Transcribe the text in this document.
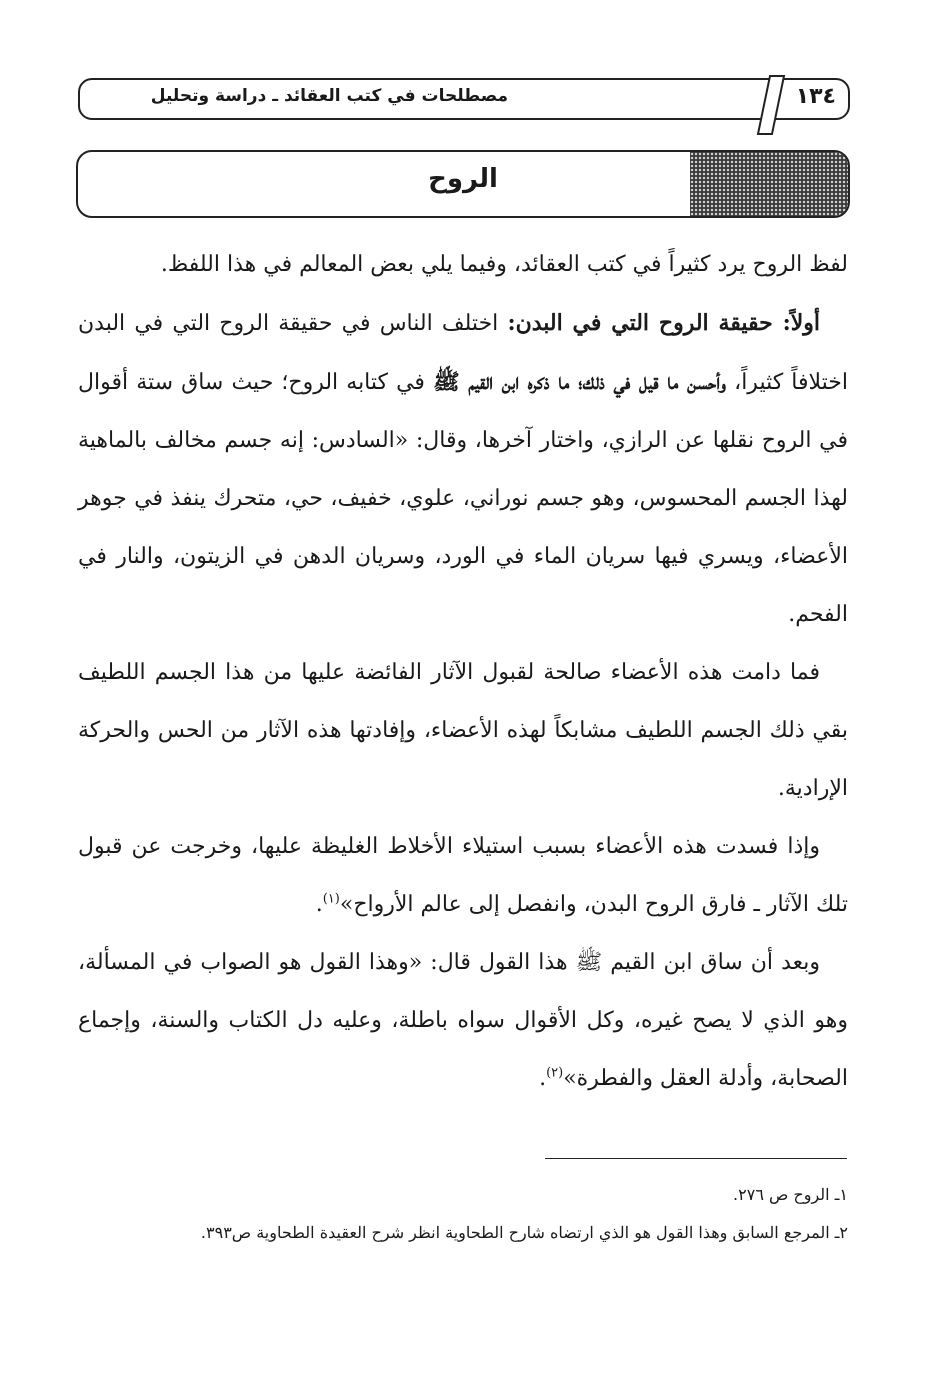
مصطلحات في كتب العقائد ـ دراسة وتحليل	١٣٤
الروح

لفظ الروح يرد كثيراً في كتب العقائد، وفيما يلي بعض المعالم في هذا اللفظ.

أولاً: حقيقة الروح التي في البدن: اختلف الناس في حقيقة الروح التي في البدن اختلافاً كثيراً، وأحسن ما قيل في ذلك؛ ما ذكره ابن القيم ﷺ في كتابه الروح؛ حيث ساق ستة أقوال في الروح نقلها عن الرازي، واختار آخرها، وقال: «السادس: إنه جسم مخالف بالماهية لهذا الجسم المحسوس، وهو جسم نوراني، علوي، خفيف، حي، متحرك ينفذ في جوهر الأعضاء، ويسري فيها سريان الماء في الورد، وسريان الدهن في الزيتون، والنار في الفحم.

فما دامت هذه الأعضاء صالحة لقبول الآثار الفائضة عليها من هذا الجسم اللطيف بقي ذلك الجسم اللطيف مشابكاً لهذه الأعضاء، وإفادتها هذه الآثار من الحس والحركة الإرادية.

وإذا فسدت هذه الأعضاء بسبب استيلاء الأخلاط الغليظة عليها، وخرجت عن قبول تلك الآثار ـ فارق الروح البدن، وانفصل إلى عالم الأرواح»$^{(١)}$.

وبعد أن ساق ابن القيم ﷺ هذا القول قال: «وهذا القول هو الصواب في المسألة، وهو الذي لا يصح غيره، وكل الأقوال سواه باطلة، وعليه دل الكتاب والسنة، وإجماع الصحابة، وأدلة العقل والفطرة»$^{(٢)}$.

١ـ الروح ص ٢٧٦.

٢ـ المرجع السابق وهذا القول هو الذي ارتضاه شارح الطحاوية انظر شرح العقيدة الطحاوية ص٣٩٣.
